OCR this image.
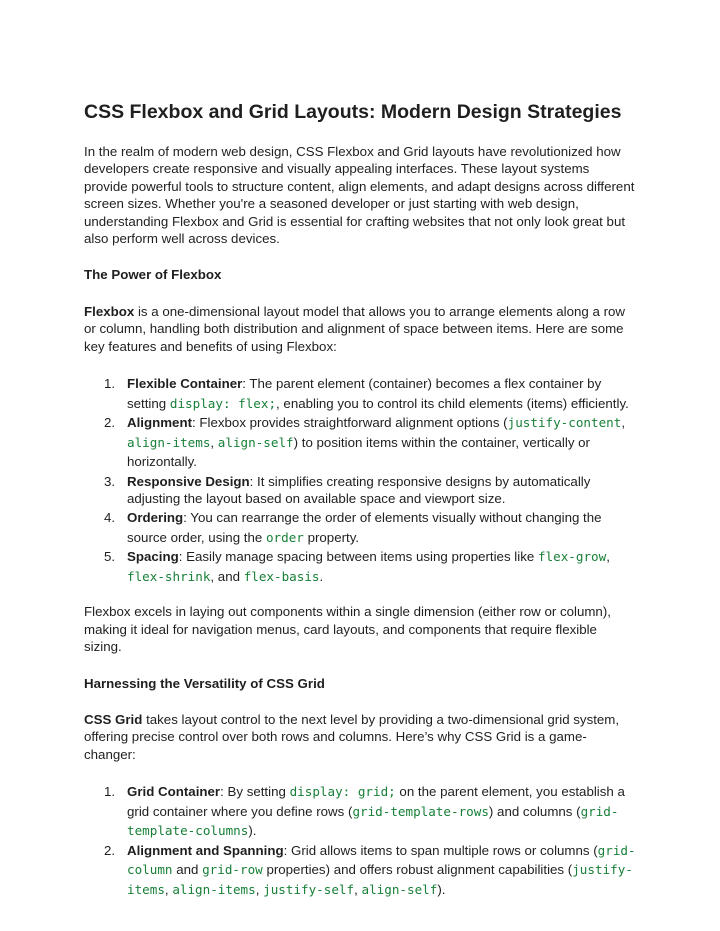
CSS Flexbox and Grid Layouts: Modern Design Strategies

In the realm of modern web design, CSS Flexbox and Grid layouts have revolutionized how developers create responsive and visually appealing interfaces. These layout systems provide powerful tools to structure content, align elements, and adapt designs across different screen sizes. Whether you're a seasoned developer or just starting with web design, understanding Flexbox and Grid is essential for crafting websites that not only look great but also perform well across devices.

The Power of Flexbox

Flexbox is a one-dimensional layout model that allows you to arrange elements along a row or column, handling both distribution and alignment of space between items. Here are some key features and benefits of using Flexbox:

1. Flexible Container: The parent element (container) becomes a flex container by setting display: flex;, enabling you to control its child elements (items) efficiently.
2. Alignment: Flexbox provides straightforward alignment options (justify-content, align-items, align-self) to position items within the container, vertically or horizontally.
3. Responsive Design: It simplifies creating responsive designs by automatically adjusting the layout based on available space and viewport size.
4. Ordering: You can rearrange the order of elements visually without changing the source order, using the order property.
5. Spacing: Easily manage spacing between items using properties like flex-grow, flex-shrink, and flex-basis.

Flexbox excels in laying out components within a single dimension (either row or column), making it ideal for navigation menus, card layouts, and components that require flexible sizing.

Harnessing the Versatility of CSS Grid

CSS Grid takes layout control to the next level by providing a two-dimensional grid system, offering precise control over both rows and columns. Here’s why CSS Grid is a game-changer:

1. Grid Container: By setting display: grid; on the parent element, you establish a grid container where you define rows (grid-template-rows) and columns (grid-template-columns).
2. Alignment and Spanning: Grid allows items to span multiple rows or columns (grid-column and grid-row properties) and offers robust alignment capabilities (justify-items, align-items, justify-self, align-self).
